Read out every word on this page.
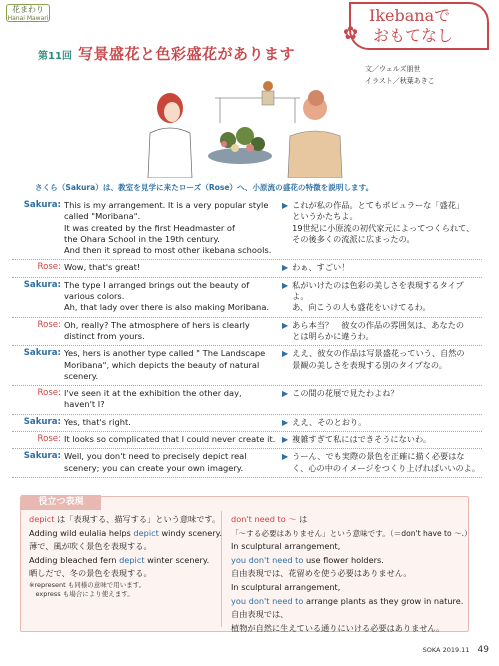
花まわり
Hanai Mawari
✿
Ikebanaで
おもてなし
第11回 写景盛花と色彩盛花があります
文／ウェルズ朋世
イラスト／秋葉あきこ
さくら（Sakura）は、教室を見学に来たローズ（Rose）へ、小原流の盛花の特徴を説明します。
Sakura: This is my arrangement. It is a very popular style
called "Moribana".
It was created by the first Headmaster of
the Ohara School in the 19th century.
And then it spread to most other ikebana schools.
▶ これが私の作品。とてもポピュラーな「盛花」
というかたちよ。
19世紀に小原流の初代家元によってつくられて、
その後多くの流派に広まったの。
Rose: Wow, that's great!	▶ わぁ、すごい！
Sakura: The type I arranged brings out the beauty of
various colors.
Ah, that lady over there is also making Moribana.
▶ 私がいけたのは色彩の美しさを表現するタイプ
よ。
あ、向こうの人も盛花をいけてるわ。
Rose: Oh, really? The atmosphere of hers is clearly
distinct from yours.
▶ あら本当？　彼女の作品の雰囲気は、あなたの
とは明らかに違うわ。
Sakura: Yes, hers is another type called " The Landscape
Moribana", which depicts the beauty of natural
scenery.
▶ ええ、彼女の作品は写景盛花っていう、自然の
景観の美しさを表現する別のタイプなの。
Rose: I've seen it at the exhibition the other day,
haven't I?
▶ この間の花展で見たわよね？
Sakura: Yes, that's right.	▶ ええ、そのとおり。
Rose: It looks so complicated that I could never create it. ▶ 複雑すぎて私にはできそうにないわ。
Sakura: Well, you don't need to precisely depict real
scenery; you can create your own imagery.
▶ うーん、でも実際の景色を正確に描く必要はな
く、心の中のイメージをつくり上げればいいのよ。
役立つ表現
depict は「表現する、描写する」という意味です。
Adding wild eulalia helps depict windy scenery.
薄で、風が吹く景色を表現する。
Adding bleached fern depict winter scenery.
晒しだで、冬の景色を表現する。
※represent も同様の意味で用います。
　express も場合により使えます。
don't need to ～ は
「～する必要はありません」という意味です。（＝don't have to ～.）
In sculptural arrangement,
you don't need to use flower holders.
自由表現では、花留めを使う必要はありません。
In sculptural arrangement,
you don't need to arrange plants as they grow in nature.
自由表現では、
植物が自然に生えている通りにいける必要はありません。
SOKA 2019.11 49
